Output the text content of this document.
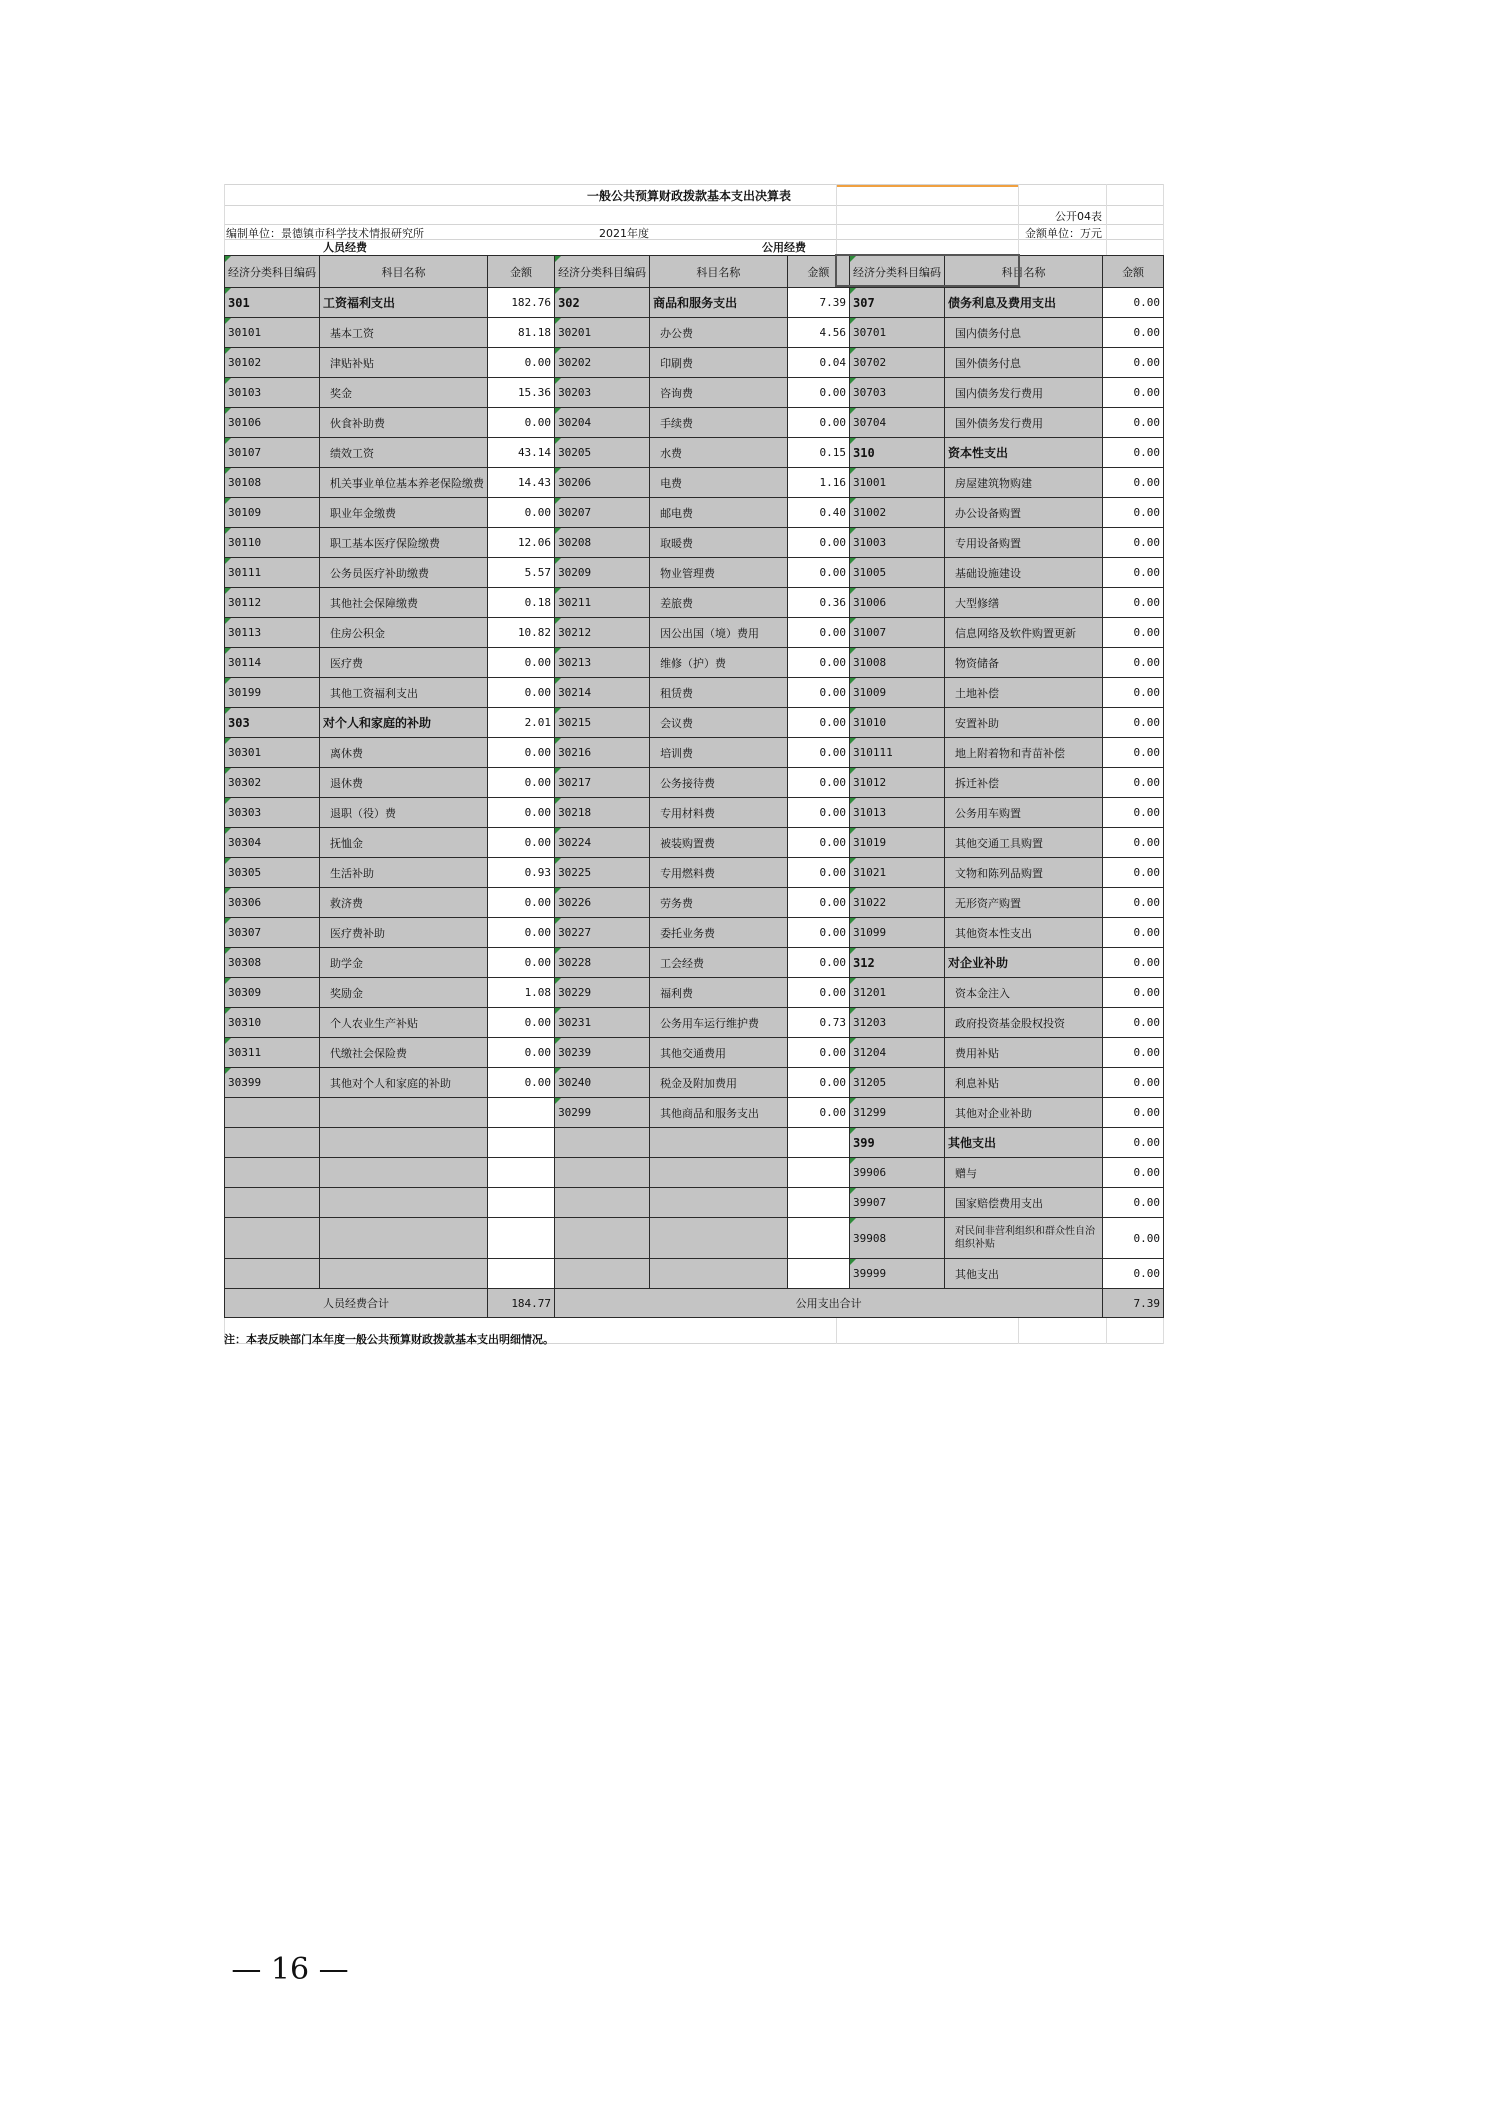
一般公共预算财政拨款基本支出决算表
公开04表
编制单位：景德镇市科学技术情报研究所	2021年度	金额单位：万元
人员经费	公用经费
经济分类科目编码	科目名称	金额	经济分类科目编码	科目名称	金额	经济分类科目编码	科目名称	金额
301	工资福利支出	182.76	302	商品和服务支出	7.39	307	债务利息及费用支出	0.00
30101	基本工资	81.18	30201	办公费	4.56	30701	国内债务付息	0.00
30102	津贴补贴	0.00	30202	印刷费	0.04	30702	国外债务付息	0.00
30103	奖金	15.36	30203	咨询费	0.00	30703	国内债务发行费用	0.00
30106	伙食补助费	0.00	30204	手续费	0.00	30704	国外债务发行费用	0.00
30107	绩效工资	43.14	30205	水费	0.15	310	资本性支出	0.00
30108	机关事业单位基本养老保险缴费	14.43	30206	电费	1.16	31001	房屋建筑物购建	0.00
30109	职业年金缴费	0.00	30207	邮电费	0.40	31002	办公设备购置	0.00
30110	职工基本医疗保险缴费	12.06	30208	取暖费	0.00	31003	专用设备购置	0.00
30111	公务员医疗补助缴费	5.57	30209	物业管理费	0.00	31005	基础设施建设	0.00
30112	其他社会保障缴费	0.18	30211	差旅费	0.36	31006	大型修缮	0.00
30113	住房公积金	10.82	30212	因公出国（境）费用	0.00	31007	信息网络及软件购置更新	0.00
30114	医疗费	0.00	30213	维修（护）费	0.00	31008	物资储备	0.00
30199	其他工资福利支出	0.00	30214	租赁费	0.00	31009	土地补偿	0.00
303	对个人和家庭的补助	2.01	30215	会议费	0.00	31010	安置补助	0.00
30301	离休费	0.00	30216	培训费	0.00	310111	地上附着物和青苗补偿	0.00
30302	退休费	0.00	30217	公务接待费	0.00	31012	拆迁补偿	0.00
30303	退职（役）费	0.00	30218	专用材料费	0.00	31013	公务用车购置	0.00
30304	抚恤金	0.00	30224	被装购置费	0.00	31019	其他交通工具购置	0.00
30305	生活补助	0.93	30225	专用燃料费	0.00	31021	文物和陈列品购置	0.00
30306	救济费	0.00	30226	劳务费	0.00	31022	无形资产购置	0.00
30307	医疗费补助	0.00	30227	委托业务费	0.00	31099	其他资本性支出	0.00
30308	助学金	0.00	30228	工会经费	0.00	312	对企业补助	0.00
30309	奖励金	1.08	30229	福利费	0.00	31201	资本金注入	0.00
30310	个人农业生产补贴	0.00	30231	公务用车运行维护费	0.73	31203	政府投资基金股权投资	0.00
30311	代缴社会保险费	0.00	30239	其他交通费用	0.00	31204	费用补贴	0.00
30399	其他对个人和家庭的补助	0.00	30240	税金及附加费用	0.00	31205	利息补贴	0.00
			30299	其他商品和服务支出	0.00	31299	其他对企业补助	0.00
						399	其他支出	0.00
						39906	赠与	0.00
						39907	国家赔偿费用支出	0.00
						39908	对民间非营利组织和群众性自治组织补贴	0.00
						39999	其他支出	0.00
人员经费合计		184.77	公用支出合计					7.39
注：本表反映部门本年度一般公共预算财政拨款基本支出明细情况。
— 16 —
